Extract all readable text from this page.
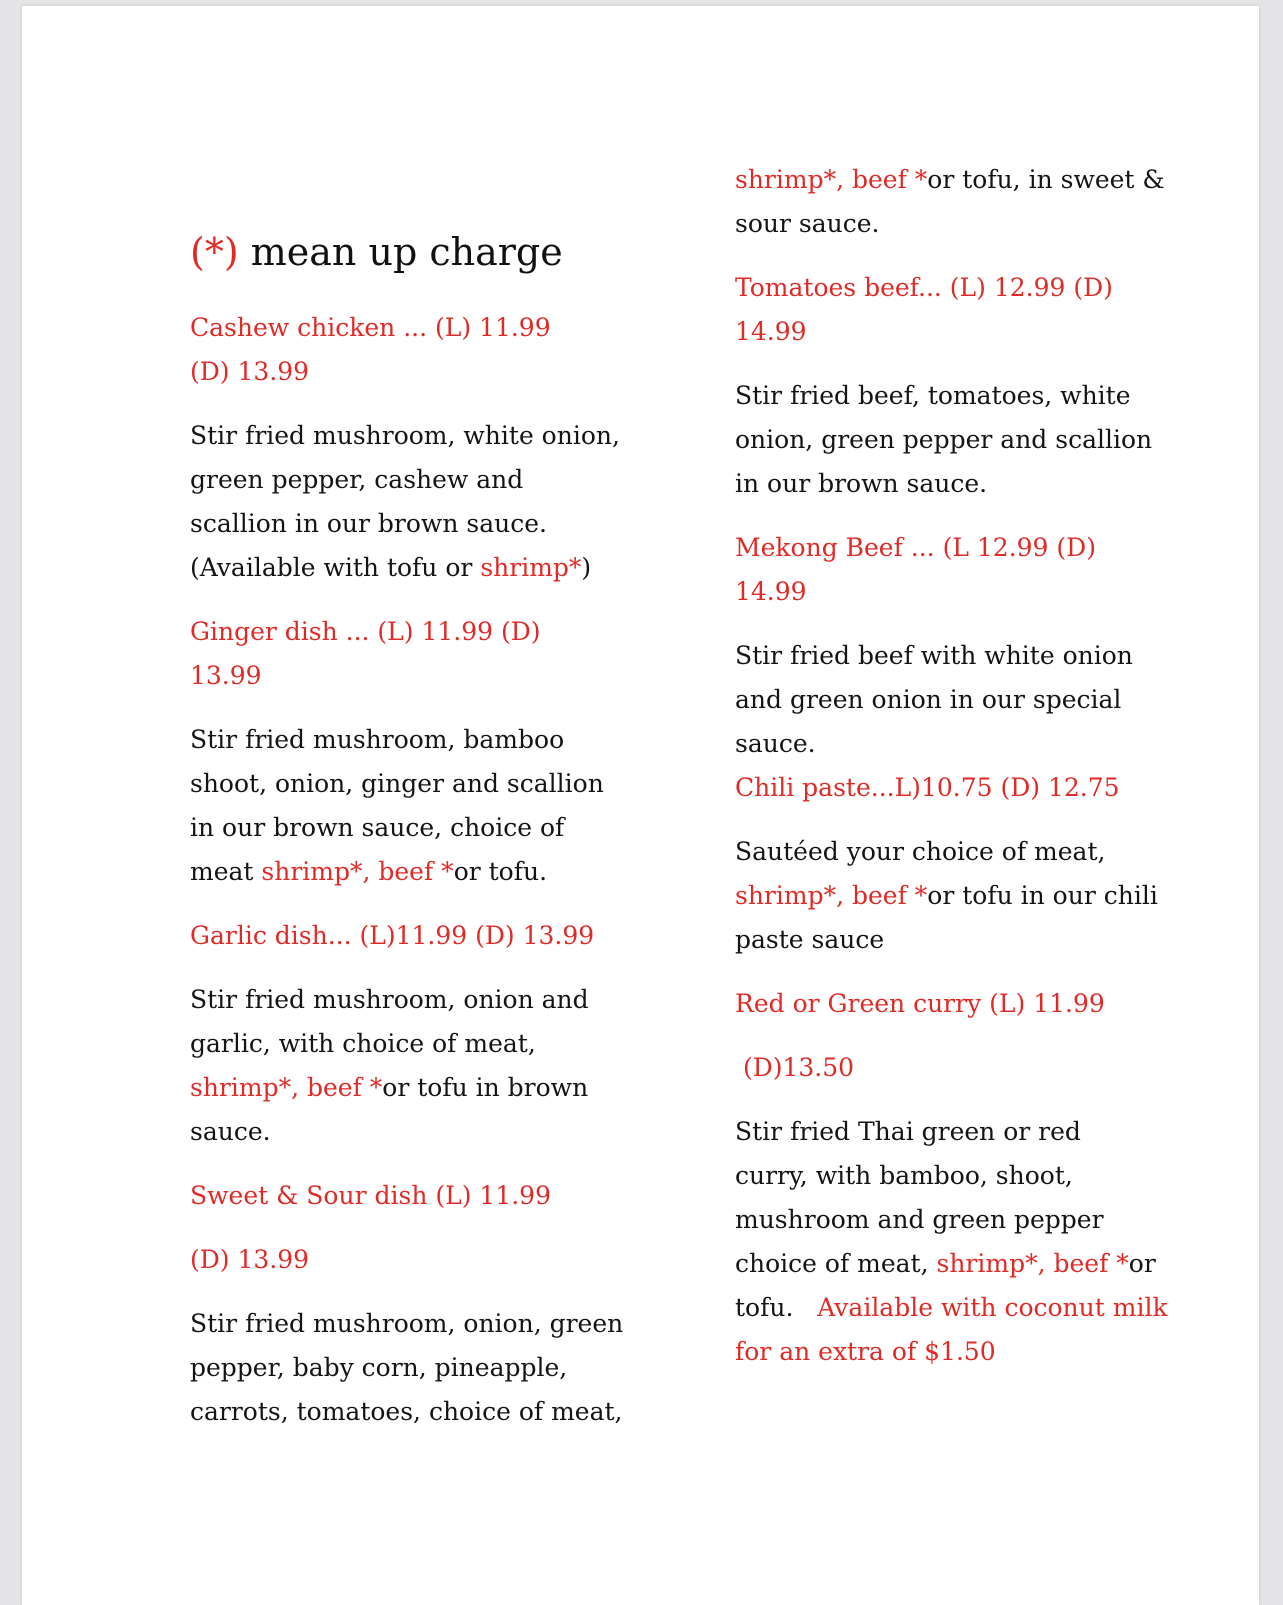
(*) mean up charge

Cashew chicken ... (L) 11.99
(D) 13.99

Stir fried mushroom, white onion,
green pepper, cashew and
scallion in our brown sauce.
(Available with tofu or shrimp*)

Ginger dish ... (L) 11.99 (D)
13.99

Stir fried mushroom, bamboo
shoot, onion, ginger and scallion
in our brown sauce, choice of
meat shrimp*, beef *or tofu.

Garlic dish... (L)11.99 (D) 13.99

Stir fried mushroom, onion and
garlic, with choice of meat,
shrimp*, beef *or tofu in brown
sauce.

Sweet & Sour dish (L) 11.99
(D) 13.99

Stir fried mushroom, onion, green
pepper, baby corn, pineapple,
carrots, tomatoes, choice of meat,

shrimp*, beef *or tofu, in sweet &
sour sauce.

Tomatoes beef... (L) 12.99 (D)
14.99

Stir fried beef, tomatoes, white
onion, green pepper and scallion
in our brown sauce.

Mekong Beef ... (L 12.99 (D)
14.99

Stir fried beef with white onion
and green onion in our special
sauce.

Chili paste...L)10.75 (D) 12.75

Sautéed your choice of meat,
shrimp*, beef *or tofu in our chili
paste sauce

Red or Green curry (L) 11.99
(D)13.50

Stir fried Thai green or red
curry, with bamboo, shoot,
mushroom and green pepper
choice of meat, shrimp*, beef *or
tofu. Available with coconut milk
for an extra of $1.50
